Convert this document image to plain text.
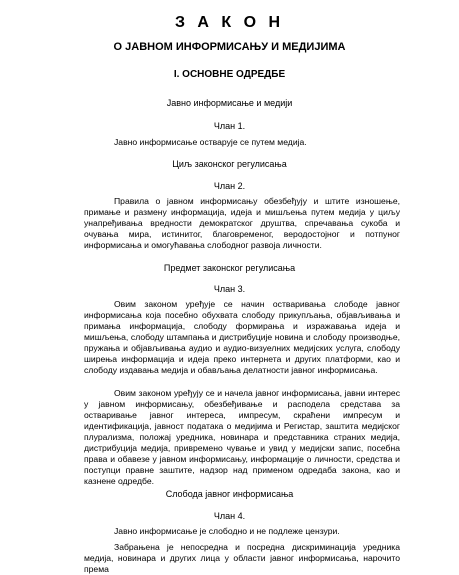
З А К О Н
О ЈАВНОМ ИНФОРМИСАЊУ И МЕДИЈИМА
I. ОСНОВНЕ ОДРЕДБЕ

Јавно информисање и медији

Члан 1.

Јавно информисање остварује се путем медија.

Циљ законског регулисања

Члан 2.

Правила о јавном информисању обезбеђују и штите изношење, примање и размену информација, идеја и мишљења путем медија у циљу унапређивања вредности демократског друштва, спречавања сукоба и очувања мира, истинитог, благовременог, веродостојног и потпуног информисања и омогућавања слободног развоја личности.

Предмет законског регулисања

Члан 3.

Овим законом уређује се начин остваривања слободе јавног информисања која посебно обухвата слободу прикупљања, објављивања и примања информација, слободу формирања и изражавања идеја и мишљења, слободу штампања и дистрибуције новина и слободу производње, пружања и објављивања аудио и аудио-визуелних медијских услуга, слободу ширења информација и идеја преко интернета и других платформи, као и слободу издавања медија и обављања делатности јавног информисања.

Овим законом уређују се и начела јавног информисања, јавни интерес у јавном информисању, обезбеђивање и расподела средстава за остваривање јавног интереса, импресум, скраћени импресум и идентификација, јавност података о медијима и Регистар, заштита медијског плурализма, положај уредника, новинара и представника страних медија, дистрибуција медија, привремено чување и увид у медијски запис, посебна права и обавезе у јавном информисању, информације о личности, средства и поступци правне заштите, надзор над применом одредаба закона, као и казнене одредбе.

Слобода јавног информисања

Члан 4.

Јавно информисање је слободно и не подлеже цензури.

Забрањена је непосредна и посредна дискриминација уредника медија, новинара и других лица у области јавног информисања, нарочито према
